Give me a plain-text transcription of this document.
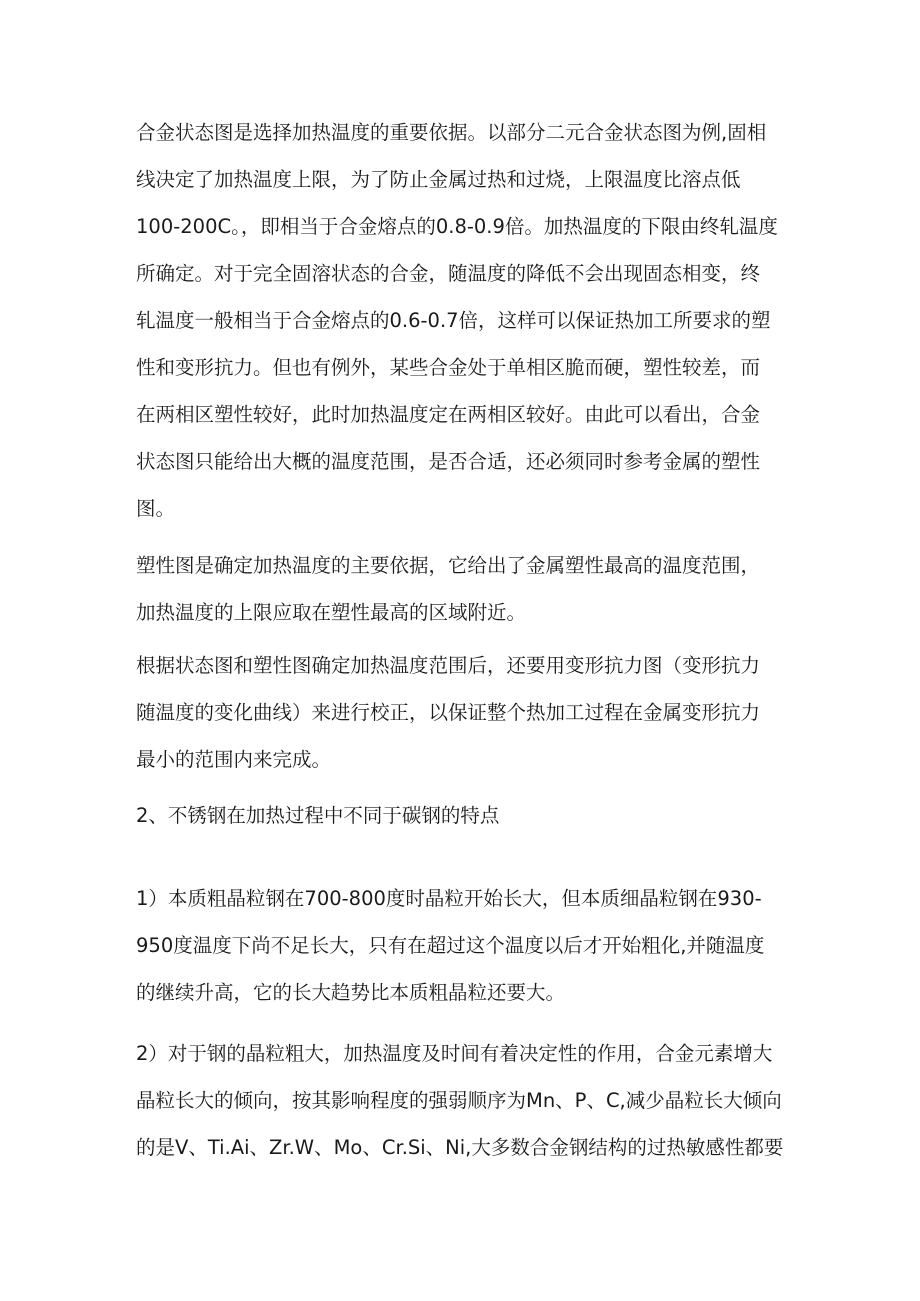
合金状态图是选择加热温度的重要依据。以部分二元合金状态图为例,固相
线决定了加热温度上限，为了防止金属过热和过烧，上限温度比溶点低
100-200C。，即相当于合金熔点的0.8-0.9倍。加热温度的下限由终轧温度
所确定。对于完全固溶状态的合金，随温度的降低不会出现固态相变，终
轧温度一般相当于合金熔点的0.6-0.7倍，这样可以保证热加工所要求的塑
性和变形抗力。但也有例外，某些合金处于单相区脆而硬，塑性较差，而
在两相区塑性较好，此时加热温度定在两相区较好。由此可以看出，合金
状态图只能给出大概的温度范围，是否合适，还必须同时参考金属的塑性
图。
塑性图是确定加热温度的主要依据，它给出了金属塑性最高的温度范围，
加热温度的上限应取在塑性最高的区域附近。
根据状态图和塑性图确定加热温度范围后，还要用变形抗力图（变形抗力
随温度的变化曲线）来进行校正，以保证整个热加工过程在金属变形抗力
最小的范围内来完成。
2、不锈钢在加热过程中不同于碳钢的特点
1）本质粗晶粒钢在700-800度时晶粒开始长大，但本质细晶粒钢在930-
950度温度下尚不足长大，只有在超过这个温度以后才开始粗化,并随温度
的继续升高，它的长大趋势比本质粗晶粒还要大。
2）对于钢的晶粒粗大，加热温度及时间有着决定性的作用，合金元素增大
晶粒长大的倾向，按其影响程度的强弱顺序为Mn、P、C,减少晶粒长大倾向
的是V、Ti.Ai、Zr.W、Mo、Cr.Si、Ni,大多数合金钢结构的过热敏感性都要
